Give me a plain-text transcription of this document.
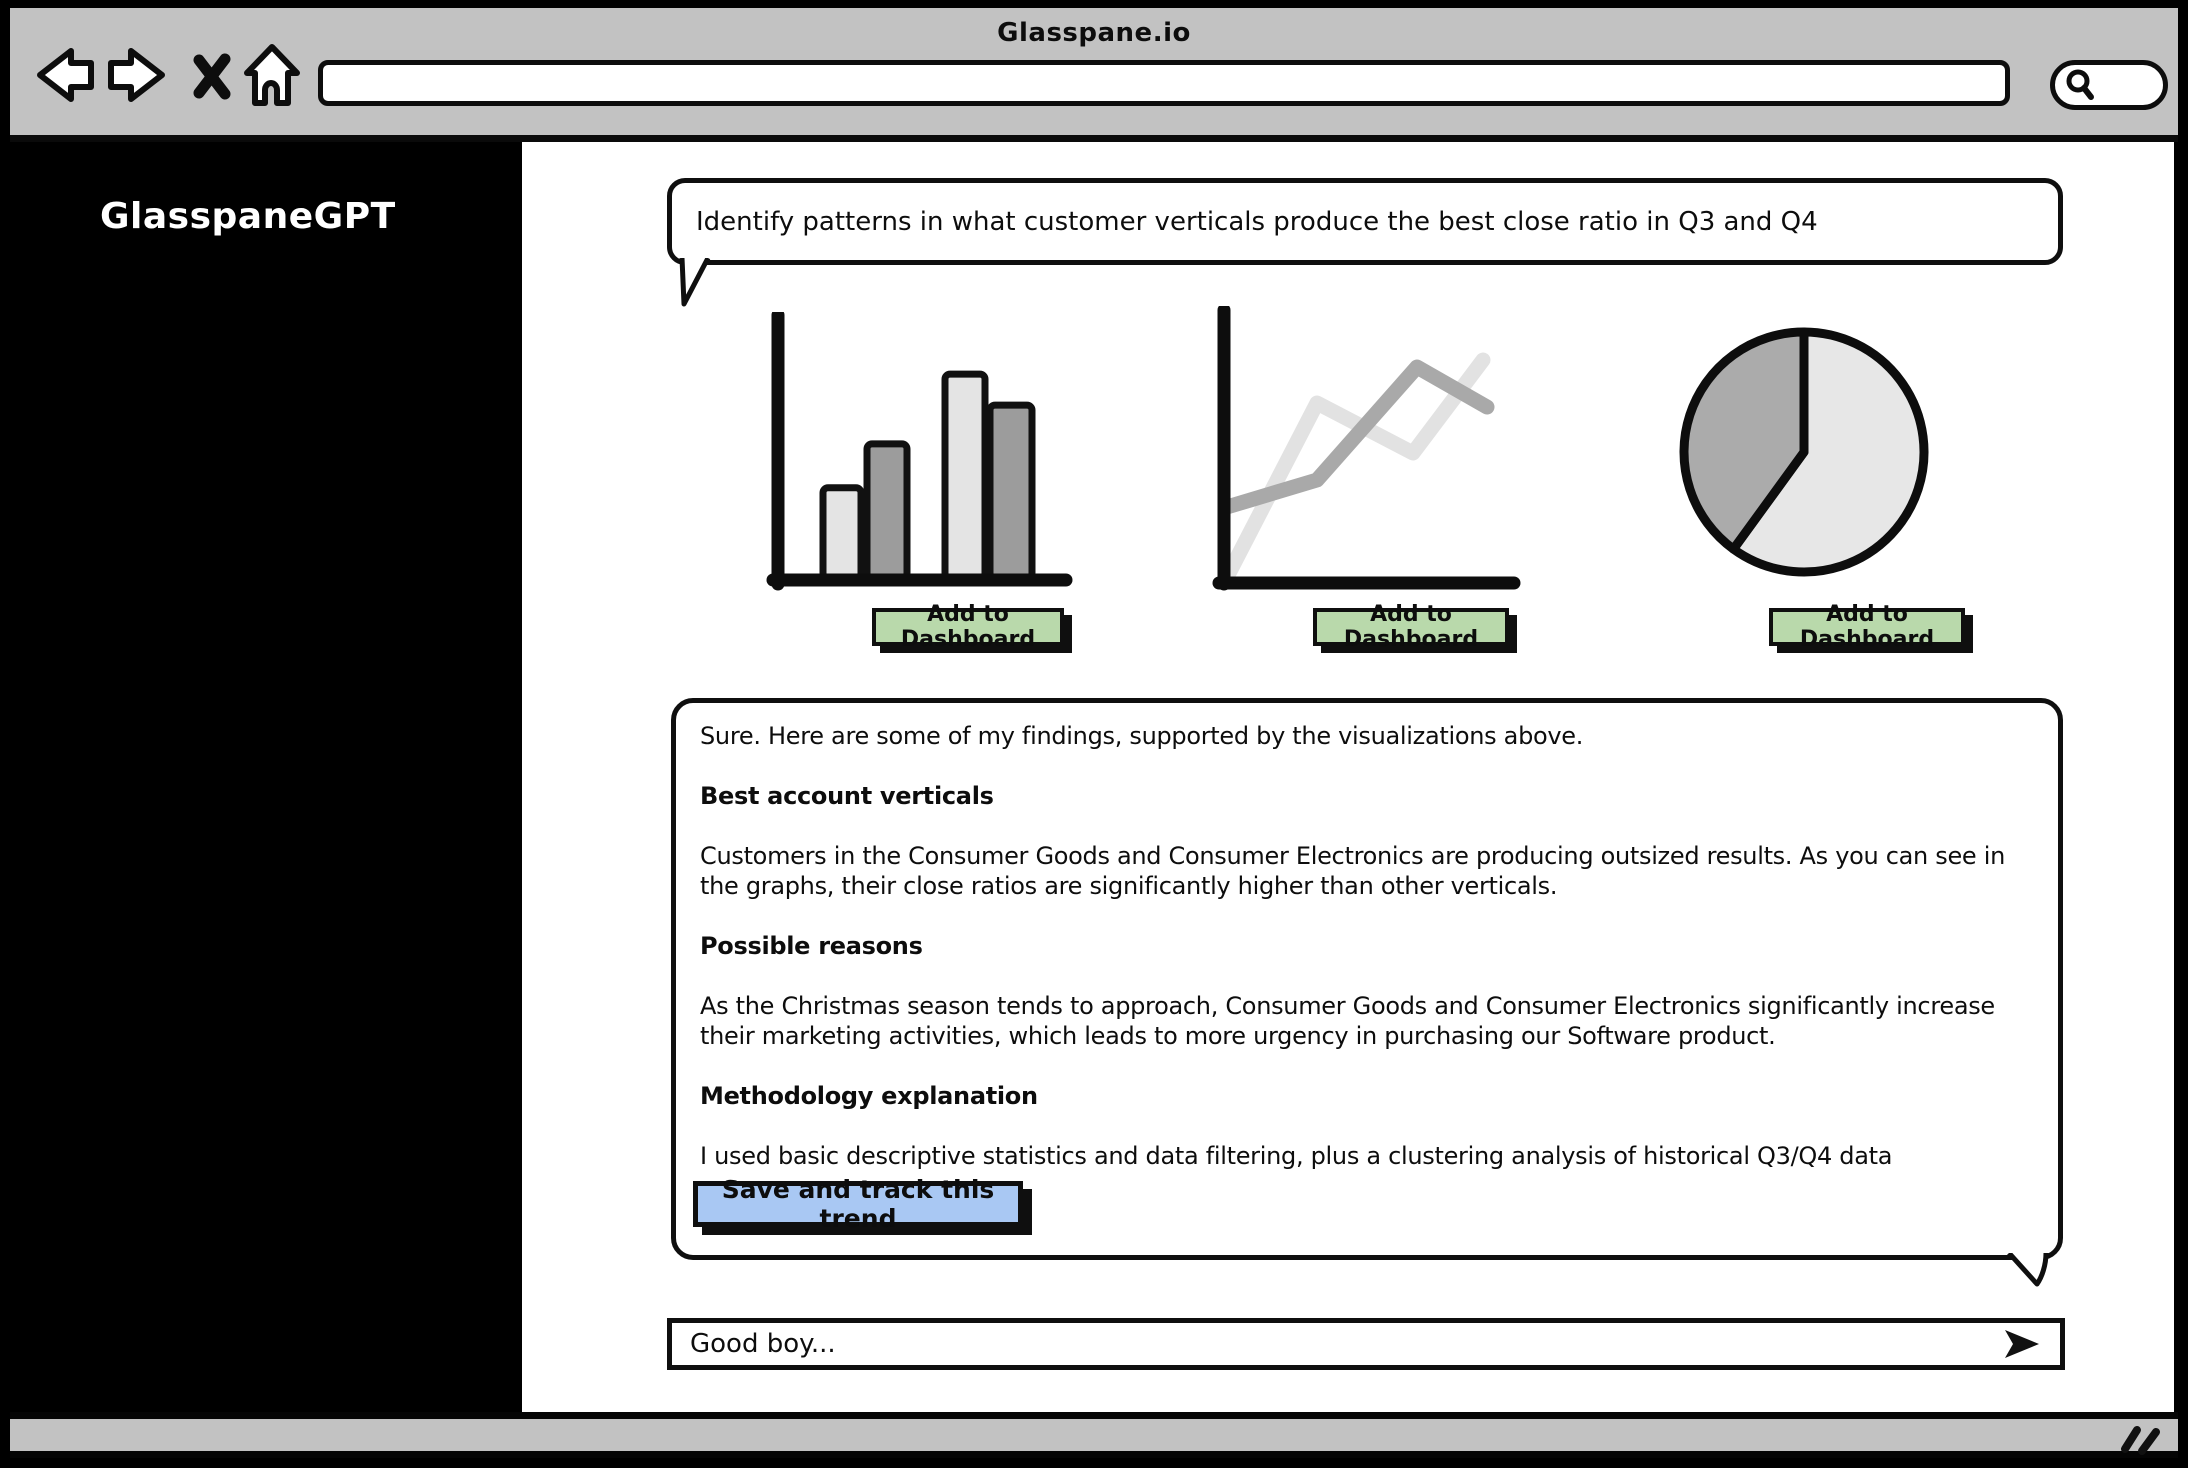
Glasspane.io
GlasspaneGPT	Identify patterns in what customer verticals produce the best close ratio in Q3 and Q4
Add to Dashboard
Add to Dashboard
Add to Dashboard

Sure. Here are some of my findings, supported by the visualizations above.

Best account verticals

Customers in the Consumer Goods and Consumer Electronics are producing outsized results. As you can see in the graphs, their close ratios are significantly higher than other verticals.

Possible reasons

As the Christmas season tends to approach, Consumer Goods and Consumer Electronics significantly increase their marketing activities, which leads to more urgency in purchasing our Software product.

Methodology explanation

I used basic descriptive statistics and data filtering, plus a clustering analysis of historical Q3/Q4 data

Save and track this trend
Good boy...
